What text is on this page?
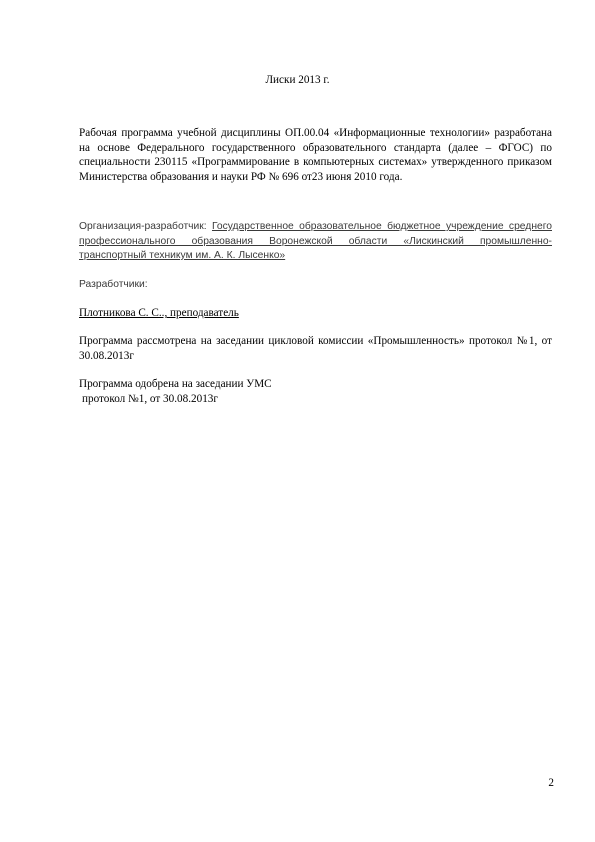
Лиски 2013 г.
Рабочая программа учебной дисциплины ОП.00.04 «Информационные технологии» разработана на основе Федерального государственного образовательного стандарта (далее – ФГОС) по специальности 230115 «Программирование в компьютерных системах» утвержденного приказом Министерства образования и науки РФ № 696 от23 июня 2010 года.
Организация-разработчик: Государственное образовательное бюджетное учреждение среднего профессионального образования Воронежской области «Лискинский промышленно-транспортный техникум им. А. К. Лысенко»
Разработчики:
Плотникова С. С.., преподаватель
Программа рассмотрена на заседании цикловой комиссии «Промышленность» протокол №1, от 30.08.2013г
Программа одобрена на заседании УМС
протокол №1, от 30.08.2013г
2
